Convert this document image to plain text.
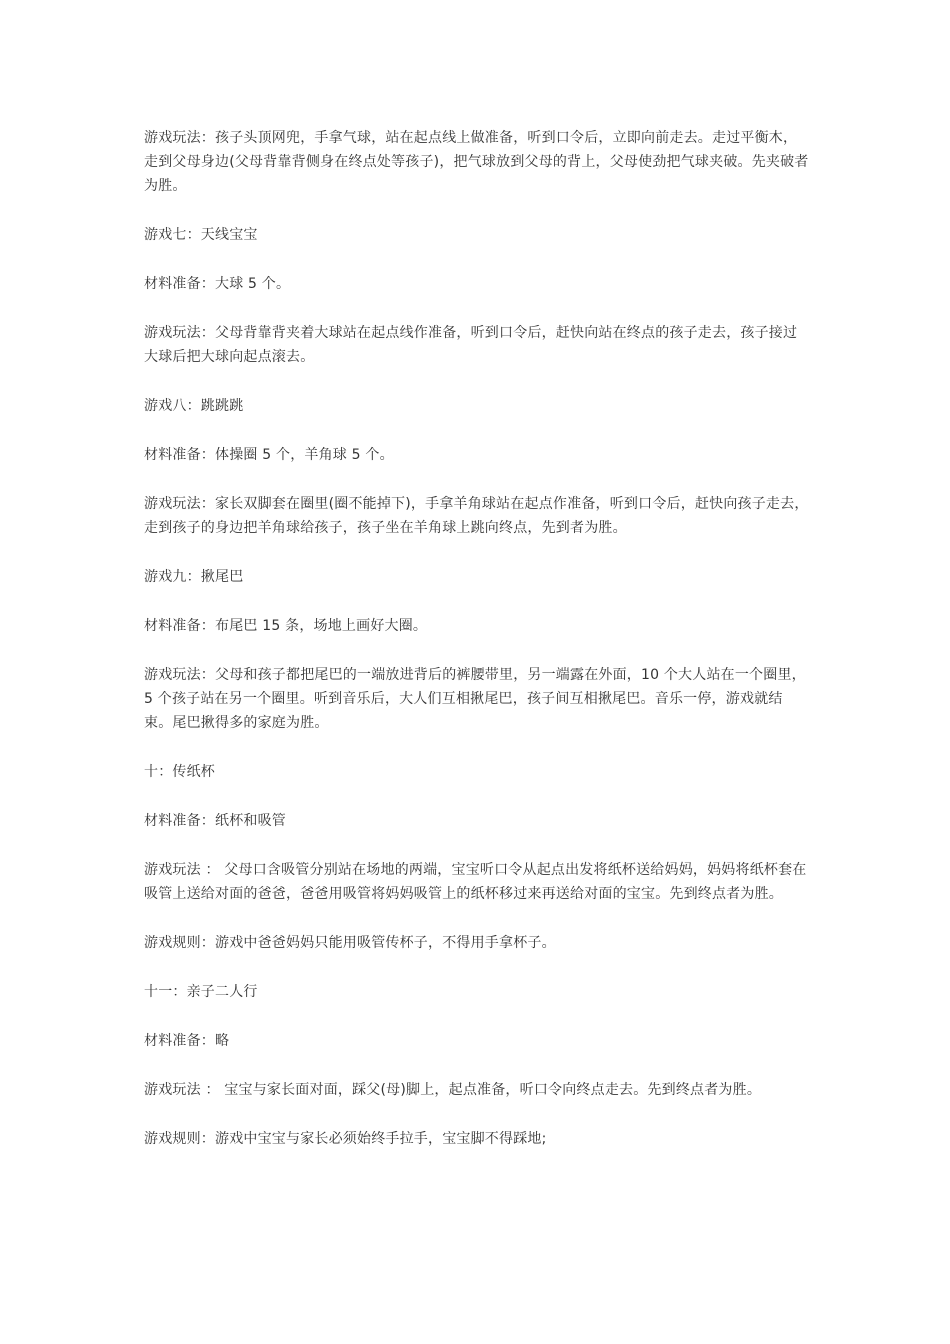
游戏玩法：孩子头顶网兜，手拿气球，站在起点线上做准备，听到口令后，立即向前走去。走过平衡木，走到父母身边(父母背靠背侧身在终点处等孩子)，把气球放到父母的背上，父母使劲把气球夹破。先夹破者为胜。

游戏七：天线宝宝

材料准备：大球 5 个。

游戏玩法：父母背靠背夹着大球站在起点线作准备，听到口令后，赶快向站在终点的孩子走去，孩子接过大球后把大球向起点滚去。

游戏八：跳跳跳

材料准备：体操圈 5 个，羊角球 5 个。

游戏玩法：家长双脚套在圈里(圈不能掉下)，手拿羊角球站在起点作准备，听到口令后，赶快向孩子走去，走到孩子的身边把羊角球给孩子，孩子坐在羊角球上跳向终点，先到者为胜。

游戏九：揪尾巴

材料准备：布尾巴 15 条，场地上画好大圈。

游戏玩法：父母和孩子都把尾巴的一端放进背后的裤腰带里，另一端露在外面，10 个大人站在一个圈里，5 个孩子站在另一个圈里。听到音乐后，大人们互相揪尾巴，孩子间互相揪尾巴。音乐一停，游戏就结束。尾巴揪得多的家庭为胜。

十：传纸杯

材料准备：纸杯和吸管

游戏玩法 ： 父母口含吸管分别站在场地的两端，宝宝听口令从起点出发将纸杯送给妈妈，妈妈将纸杯套在吸管上送给对面的爸爸，爸爸用吸管将妈妈吸管上的纸杯移过来再送给对面的宝宝。先到终点者为胜。

游戏规则：游戏中爸爸妈妈只能用吸管传杯子，不得用手拿杯子。

十一：亲子二人行

材料准备：略

游戏玩法 ： 宝宝与家长面对面，踩父(母)脚上，起点准备，听口令向终点走去。先到终点者为胜。

游戏规则：游戏中宝宝与家长必须始终手拉手，宝宝脚不得踩地;
